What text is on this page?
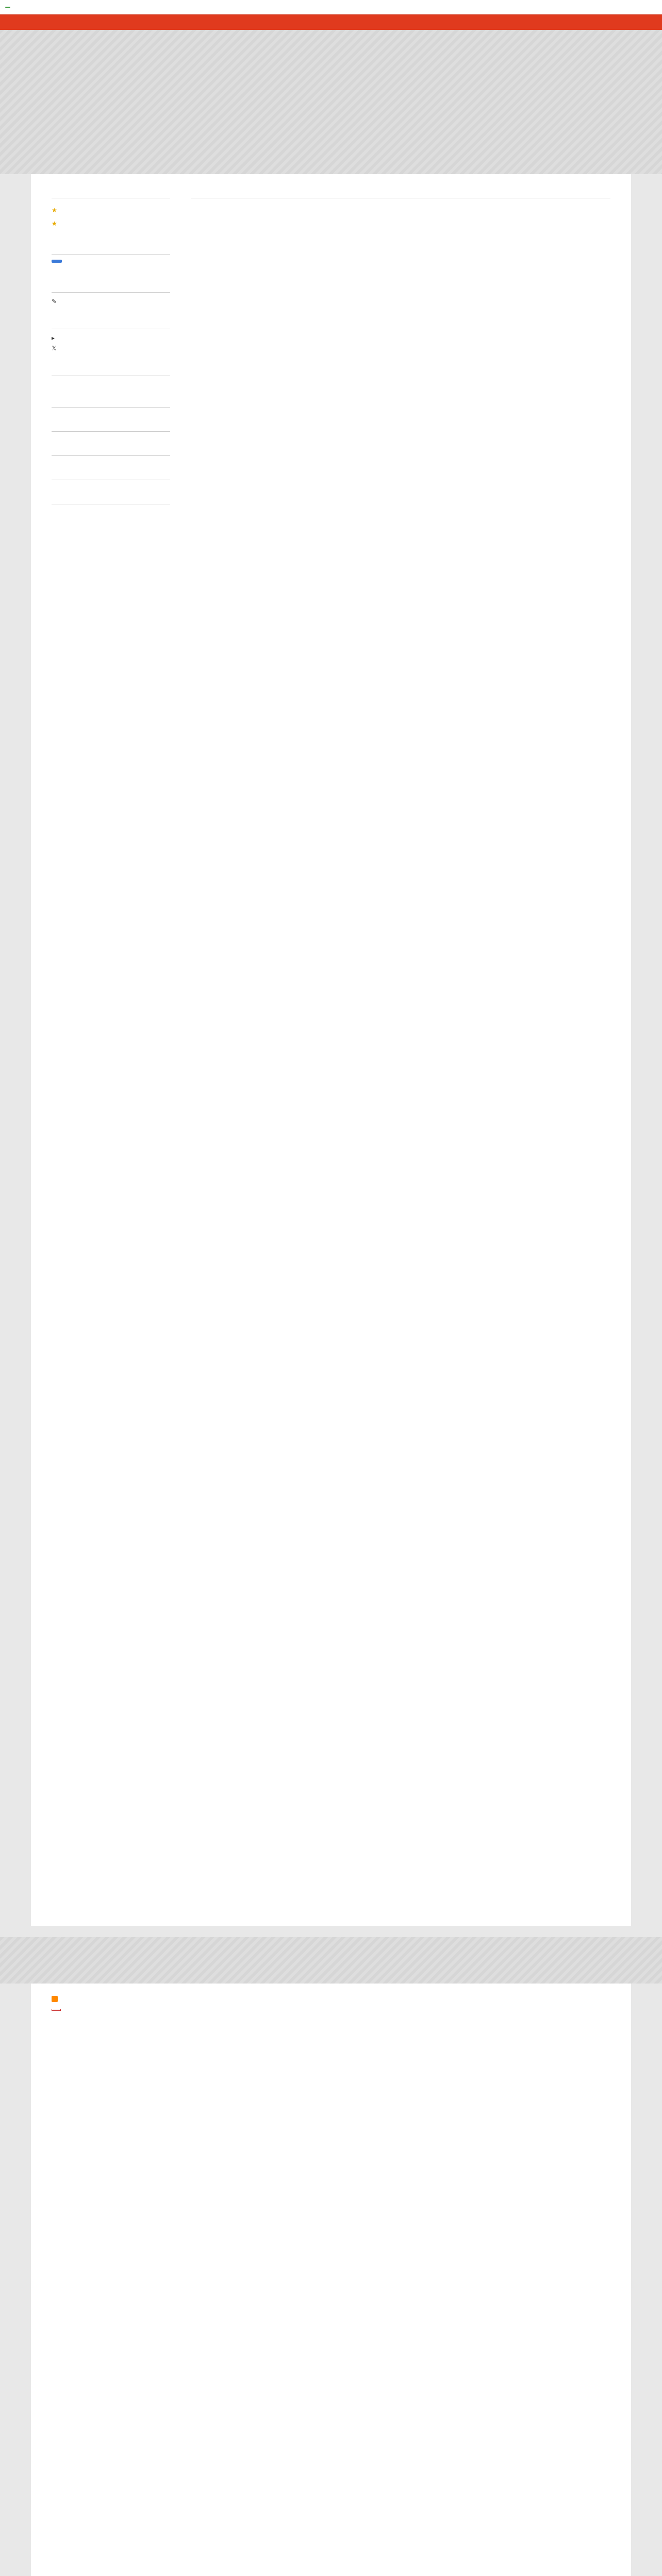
★
★
✎
▸
𝕏
